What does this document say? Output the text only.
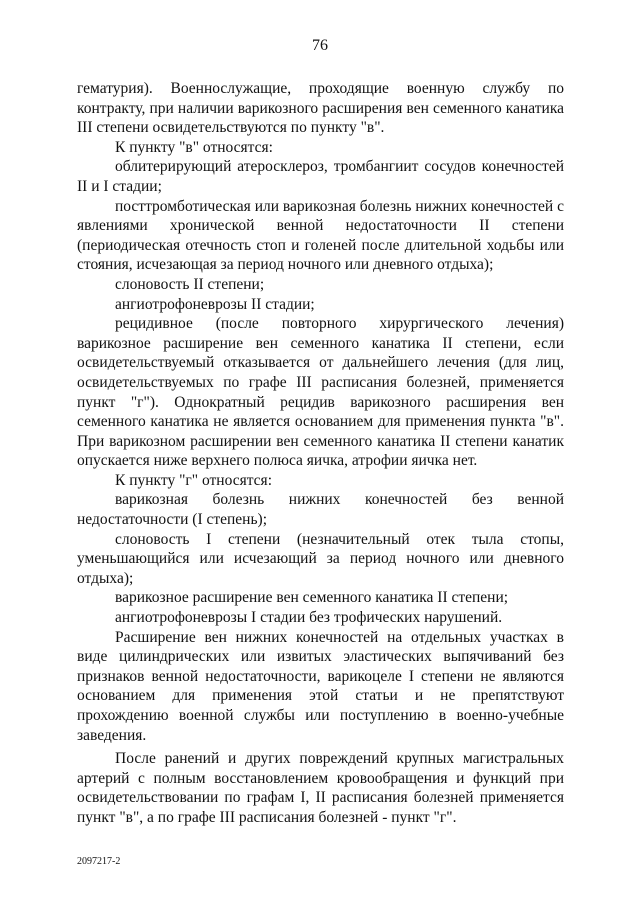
76

гематурия). Военнослужащие, проходящие военную службу по контракту, при наличии варикозного расширения вен семенного канатика III степени освидетельствуются по пункту "в".

К пункту "в" относятся:

облитерирующий атеросклероз, тромбангиит сосудов конечностей II и I стадии;

посттромботическая или варикозная болезнь нижних конечностей с явлениями хронической венной недостаточности II степени (периодическая отечность стоп и голеней после длительной ходьбы или стояния, исчезающая за период ночного или дневного отдыха);

слоновость II степени;

ангиотрофоневрозы II стадии;

рецидивное (после повторного хирургического лечения) варикозное расширение вен семенного канатика II степени, если освидетельствуемый отказывается от дальнейшего лечения (для лиц, освидетельствуемых по графе III расписания болезней, применяется пункт "г"). Однократный рецидив варикозного расширения вен семенного канатика не является основанием для применения пункта "в". При варикозном расширении вен семенного канатика II степени канатик опускается ниже верхнего полюса яичка, атрофии яичка нет.

К пункту "г" относятся:

варикозная болезнь нижних конечностей без венной недостаточности (I степень);

слоновость I степени (незначительный отек тыла стопы, уменьшающийся или исчезающий за период ночного или дневного отдыха);

варикозное расширение вен семенного канатика II степени;

ангиотрофоневрозы I стадии без трофических нарушений.

Расширение вен нижних конечностей на отдельных участках в виде цилиндрических или извитых эластических выпячиваний без признаков венной недостаточности, варикоцеле I степени не являются основанием для применения этой статьи и не препятствуют прохождению военной службы или поступлению в военно-учебные заведения.

После ранений и других повреждений крупных магистральных артерий с полным восстановлением кровообращения и функций при освидетельствовании по графам I, II расписания болезней применяется пункт "в", а по графе III расписания болезней - пункт "г".

2097217-2
